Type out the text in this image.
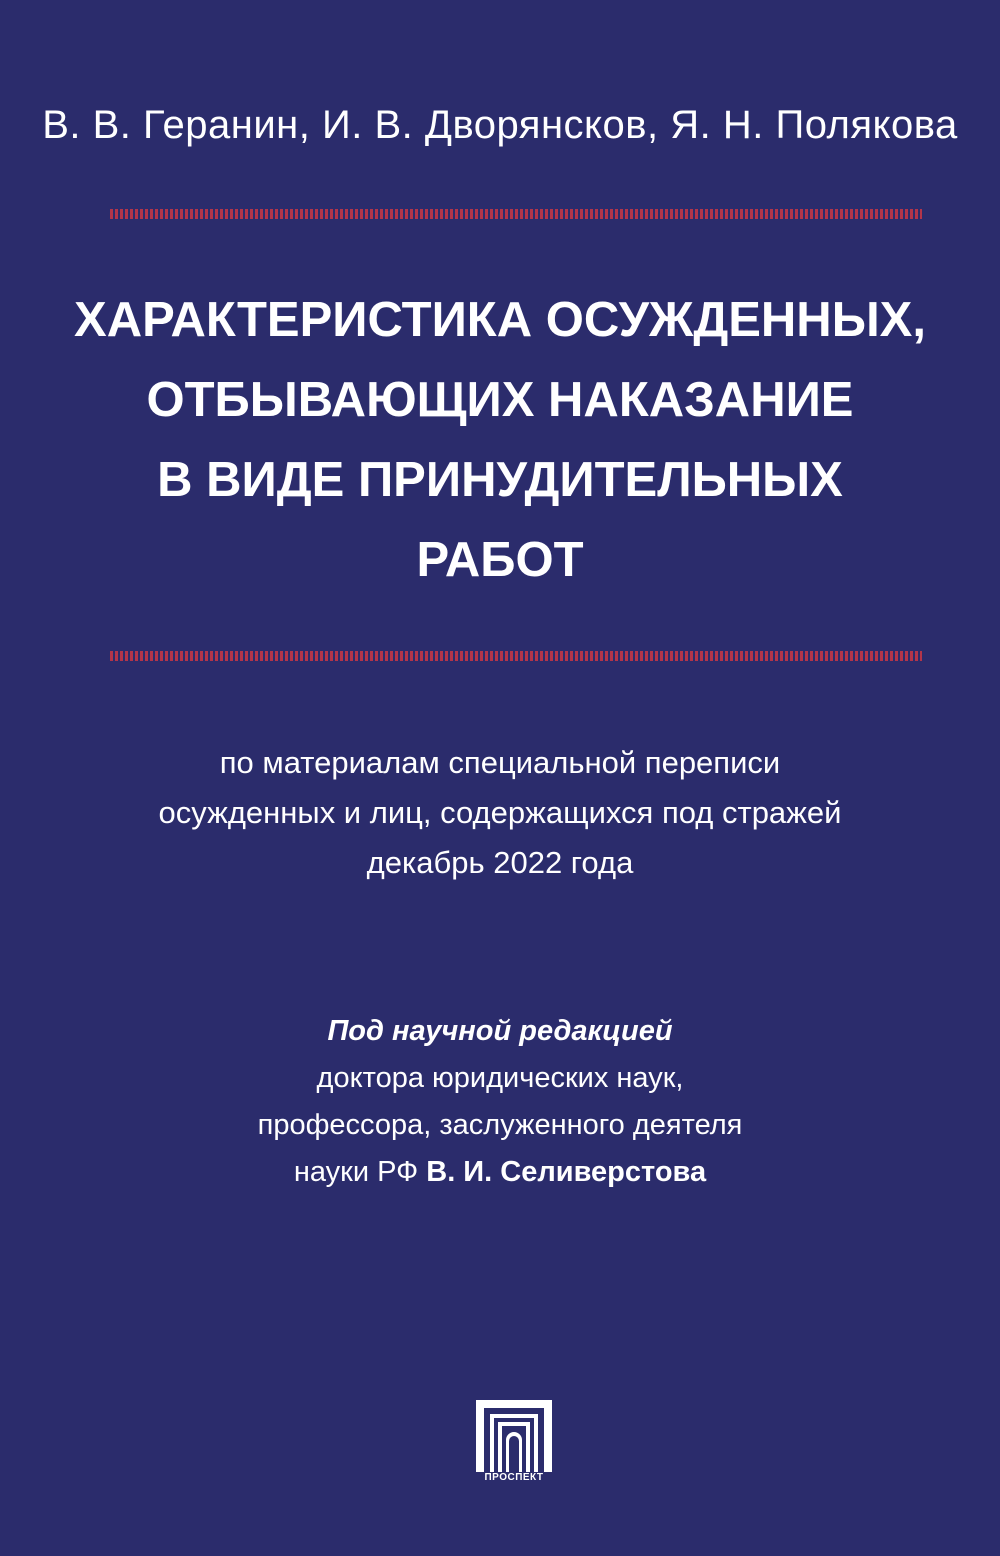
В. В. Геранин, И. В. Дворянсков, Я. Н. Полякова
ХАРАКТЕРИСТИКА ОСУЖДЕННЫХ,
ОТБЫВАЮЩИХ НАКАЗАНИЕ
В ВИДЕ ПРИНУДИТЕЛЬНЫХ
РАБОТ
по материалам специальной переписи
осужденных и лиц, содержащихся под стражей
декабрь 2022 года
Под научной редакцией
доктора юридических наук,
профессора, заслуженного деятеля
науки РФ В. И. Селиверстова
ПРОСПЕКТ
